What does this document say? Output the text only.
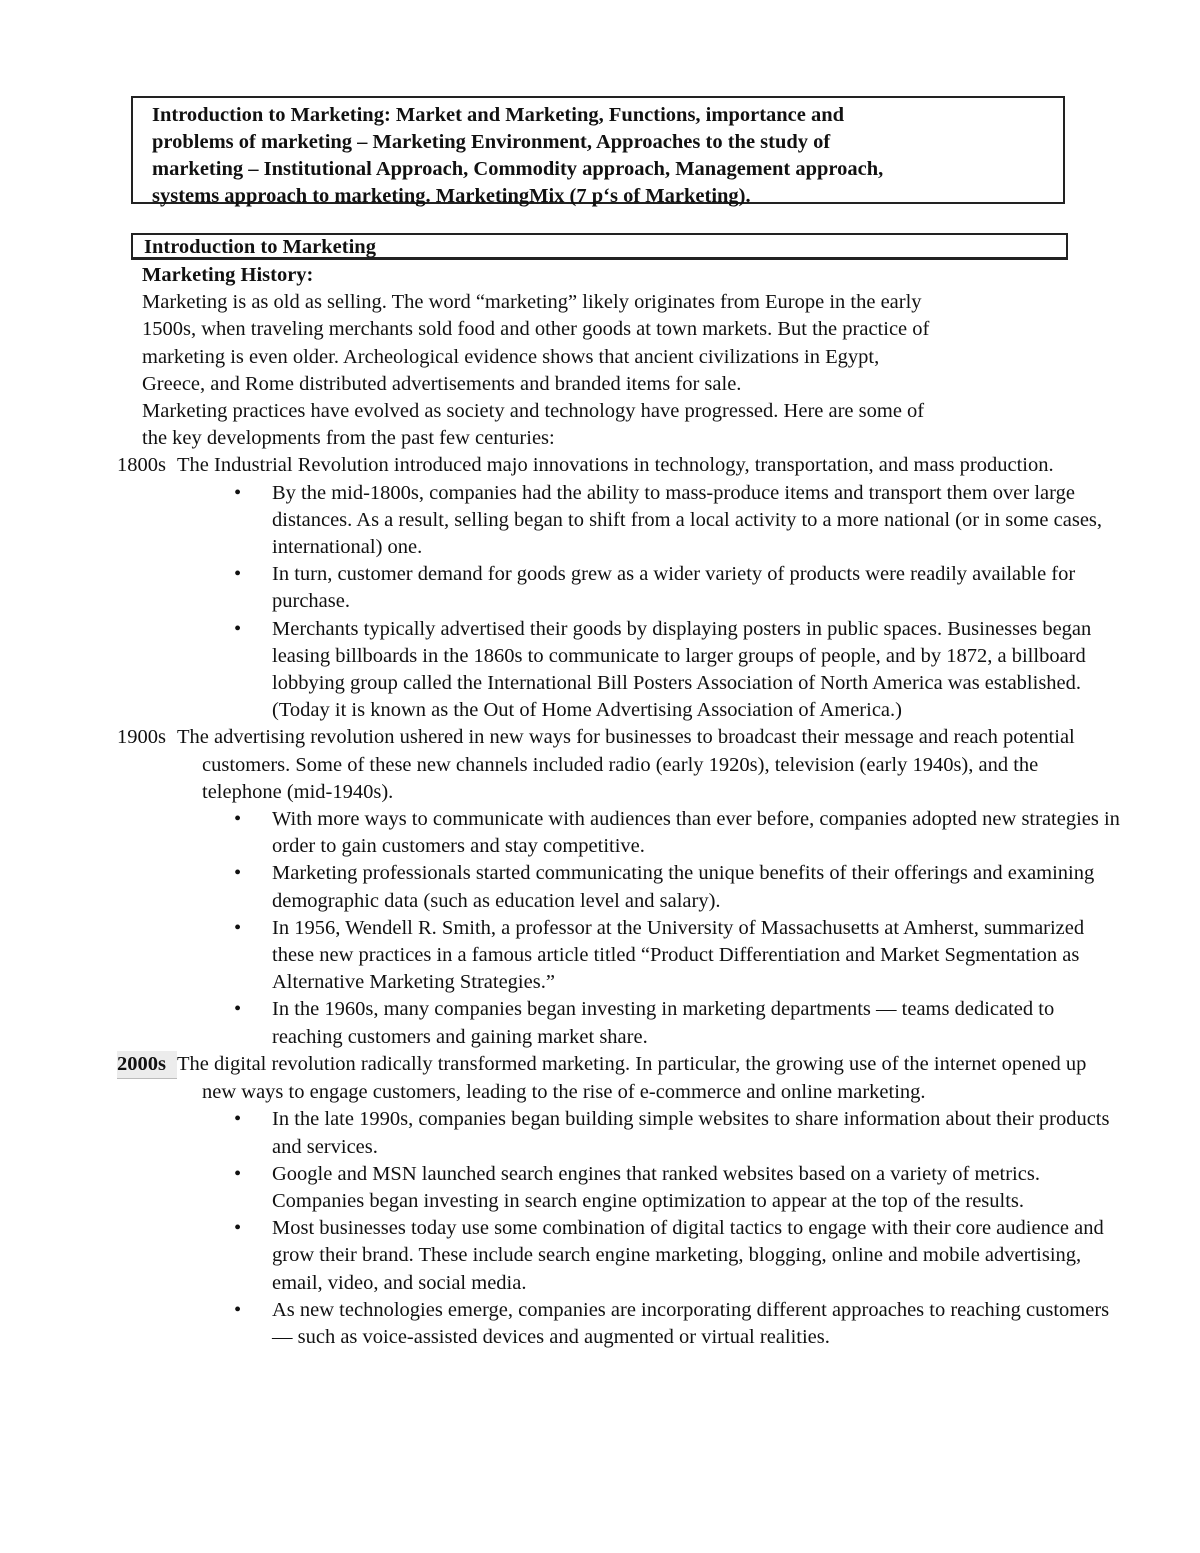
Introduction to Marketing: Market and Marketing, Functions, importance and
problems of marketing – Marketing Environment, Approaches to the study of
marketing – Institutional Approach, Commodity approach, Management approach,
systems approach to marketing. MarketingMix (7 p‘s of Marketing).
Introduction to Marketing
Marketing History:
Marketing is as old as selling. The word “marketing” likely originates from Europe in the early
1500s, when traveling merchants sold food and other goods at town markets. But the practice of
marketing is even older. Archeological evidence shows that ancient civilizations in Egypt,
Greece, and Rome distributed advertisements and branded items for sale.
Marketing practices have evolved as society and technology have progressed. Here are some of
the key developments from the past few centuries:
1800s The Industrial Revolution introduced majo innovations in technology, transportation, and mass production.
• By the mid-1800s, companies had the ability to mass-produce items and transport them over large distances. As a result, selling began to shift from a local activity to a more national (or in some cases, international) one.
• In turn, customer demand for goods grew as a wider variety of products were readily available for purchase.
• Merchants typically advertised their goods by displaying posters in public spaces. Businesses began leasing billboards in the 1860s to communicate to larger groups of people, and by 1872, a billboard lobbying group called the International Bill Posters Association of North America was established. (Today it is known as the Out of Home Advertising Association of America.)
1900s The advertising revolution ushered in new ways for businesses to broadcast their message and reach potential customers. Some of these new channels included radio (early 1920s), television (early 1940s), and the telephone (mid-1940s).
• With more ways to communicate with audiences than ever before, companies adopted new strategies in order to gain customers and stay competitive.
• Marketing professionals started communicating the unique benefits of their offerings and examining demographic data (such as education level and salary).
• In 1956, Wendell R. Smith, a professor at the University of Massachusetts at Amherst, summarized these new practices in a famous article titled “Product Differentiation and Market Segmentation as Alternative Marketing Strategies.”
• In the 1960s, many companies began investing in marketing departments — teams dedicated to reaching customers and gaining market share.
2000s The digital revolution radically transformed marketing. In particular, the growing use of the internet opened up new ways to engage customers, leading to the rise of e-commerce and online marketing.
• In the late 1990s, companies began building simple websites to share information about their products and services.
• Google and MSN launched search engines that ranked websites based on a variety of metrics. Companies began investing in search engine optimization to appear at the top of the results.
• Most businesses today use some combination of digital tactics to engage with their core audience and grow their brand. These include search engine marketing, blogging, online and mobile advertising, email, video, and social media.
• As new technologies emerge, companies are incorporating different approaches to reaching customers — such as voice-assisted devices and augmented or virtual realities.
